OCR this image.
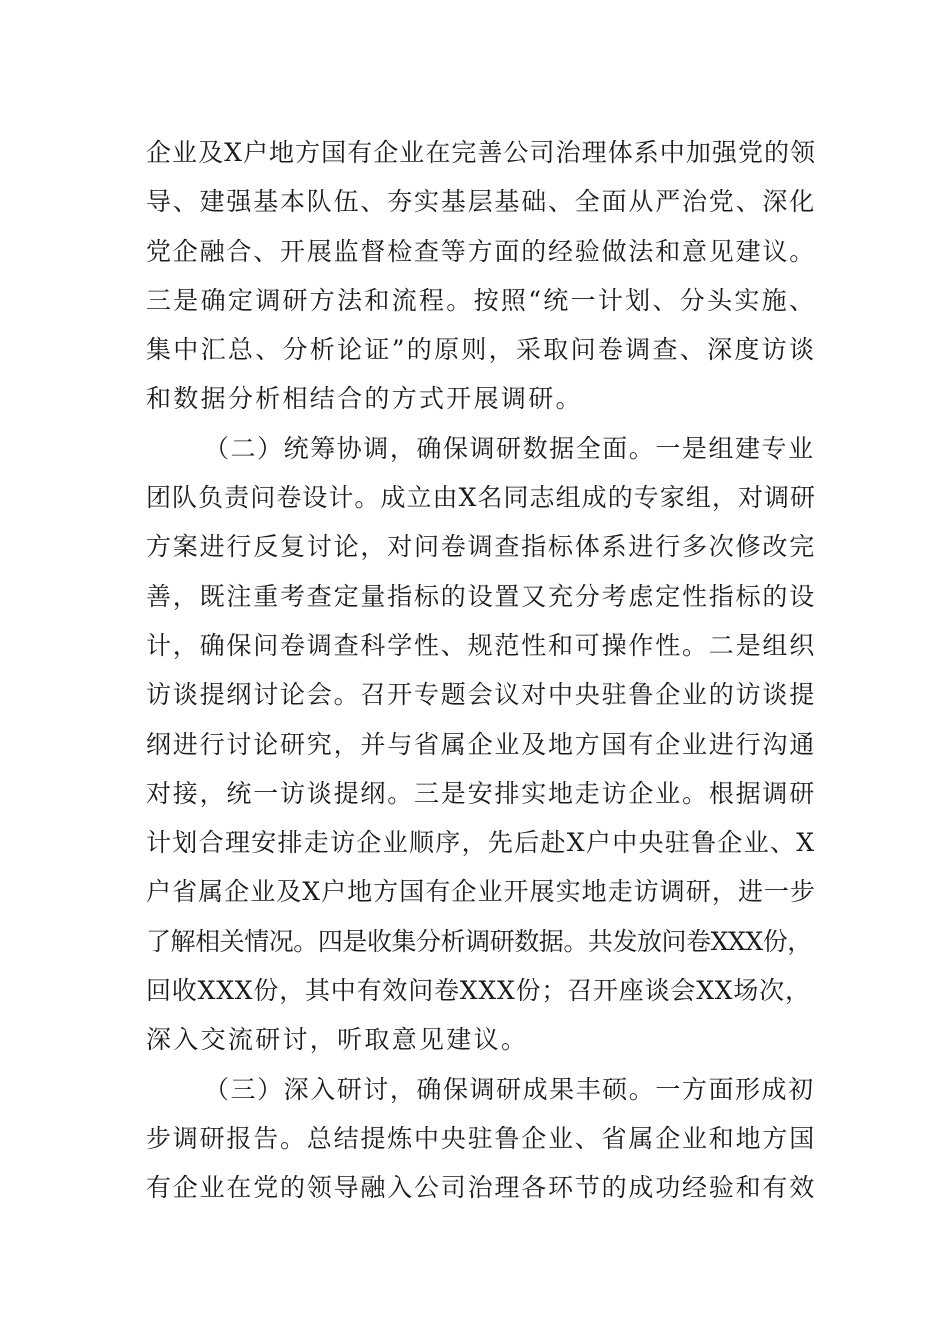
企业及X户地方国有企业在完善公司治理体系中加强党的领
导、建强基本队伍、夯实基层基础、全面从严治党、深化
党企融合、开展监督检查等方面的经验做法和意见建议。
三是确定调研方法和流程。按照“统一计划、分头实施、
集中汇总、分析论证”的原则，采取问卷调查、深度访谈
和数据分析相结合的方式开展调研。
（二）统筹协调，确保调研数据全面。一是组建专业
团队负责问卷设计。成立由X名同志组成的专家组，对调研
方案进行反复讨论，对问卷调查指标体系进行多次修改完
善，既注重考查定量指标的设置又充分考虑定性指标的设
计，确保问卷调查科学性、规范性和可操作性。二是组织
访谈提纲讨论会。召开专题会议对中央驻鲁企业的访谈提
纲进行讨论研究，并与省属企业及地方国有企业进行沟通
对接，统一访谈提纲。三是安排实地走访企业。根据调研
计划合理安排走访企业顺序，先后赴X户中央驻鲁企业、X
户省属企业及X户地方国有企业开展实地走访调研，进一步
了解相关情况。四是收集分析调研数据。共发放问卷XXX份，
回收XXX份，其中有效问卷XXX份；召开座谈会XX场次，
深入交流研讨，听取意见建议。
（三）深入研讨，确保调研成果丰硕。一方面形成初
步调研报告。总结提炼中央驻鲁企业、省属企业和地方国
有企业在党的领导融入公司治理各环节的成功经验和有效
